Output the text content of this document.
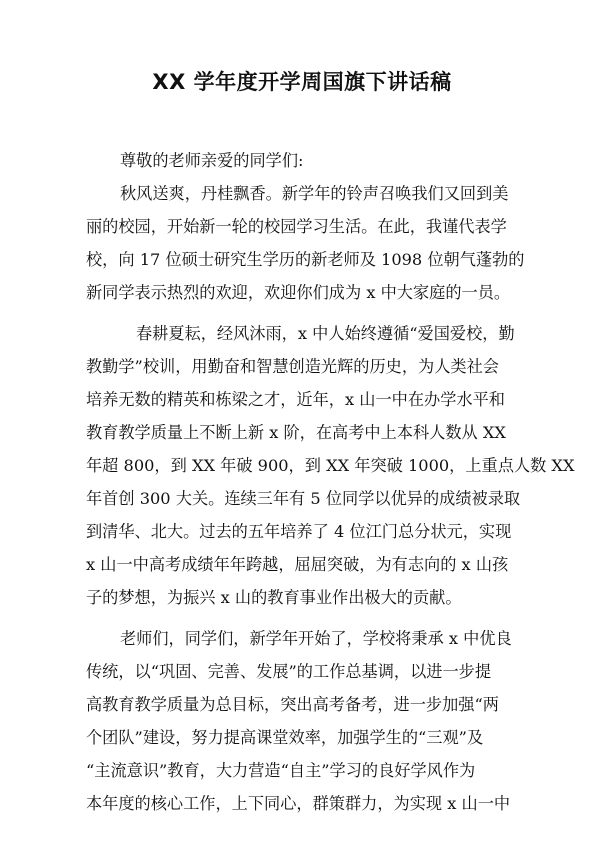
XX 学年度开学周国旗下讲话稿
尊敬的老师亲爱的同学们:

秋风送爽，丹桂飘香。新学年的铃声召唤我们又回到美
丽的校园，开始新一轮的校园学习生活。在此，我谨代表学
校，向 17 位硕士研究生学历的新老师及 1098 位朝气蓬勃的
新同学表示热烈的欢迎，欢迎你们成为 x 中大家庭的一员。

春耕夏耘，经风沐雨，x 中人始终遵循“爱国爱校，勤
教勤学”校训，用勤奋和智慧创造光辉的历史，为人类社会
培养无数的精英和栋梁之才，近年，x 山一中在办学水平和
教育教学质量上不断上新 x 阶，在高考中上本科人数从 XX
年超 800，到 XX 年破 900，到 XX 年突破 1000，上重点人数 XX
年首创 300 大关。连续三年有 5 位同学以优异的成绩被录取
到清华、北大。过去的五年培养了 4 位江门总分状元，实现
x 山一中高考成绩年年跨越，屈屈突破，为有志向的 x 山孩
子的梦想，为振兴 x 山的教育事业作出极大的贡献。

老师们，同学们，新学年开始了，学校将秉承 x 中优良
传统，以“巩固、完善、发展”的工作总基调，以进一步提
高教育教学质量为总目标，突出高考备考，进一步加强“两
个团队”建设，努力提高课堂效率，加强学生的“三观”及
“主流意识”教育，大力营造“自主”学习的良好学风作为
本年度的核心工作，上下同心，群策群力，为实现 x 山一中
